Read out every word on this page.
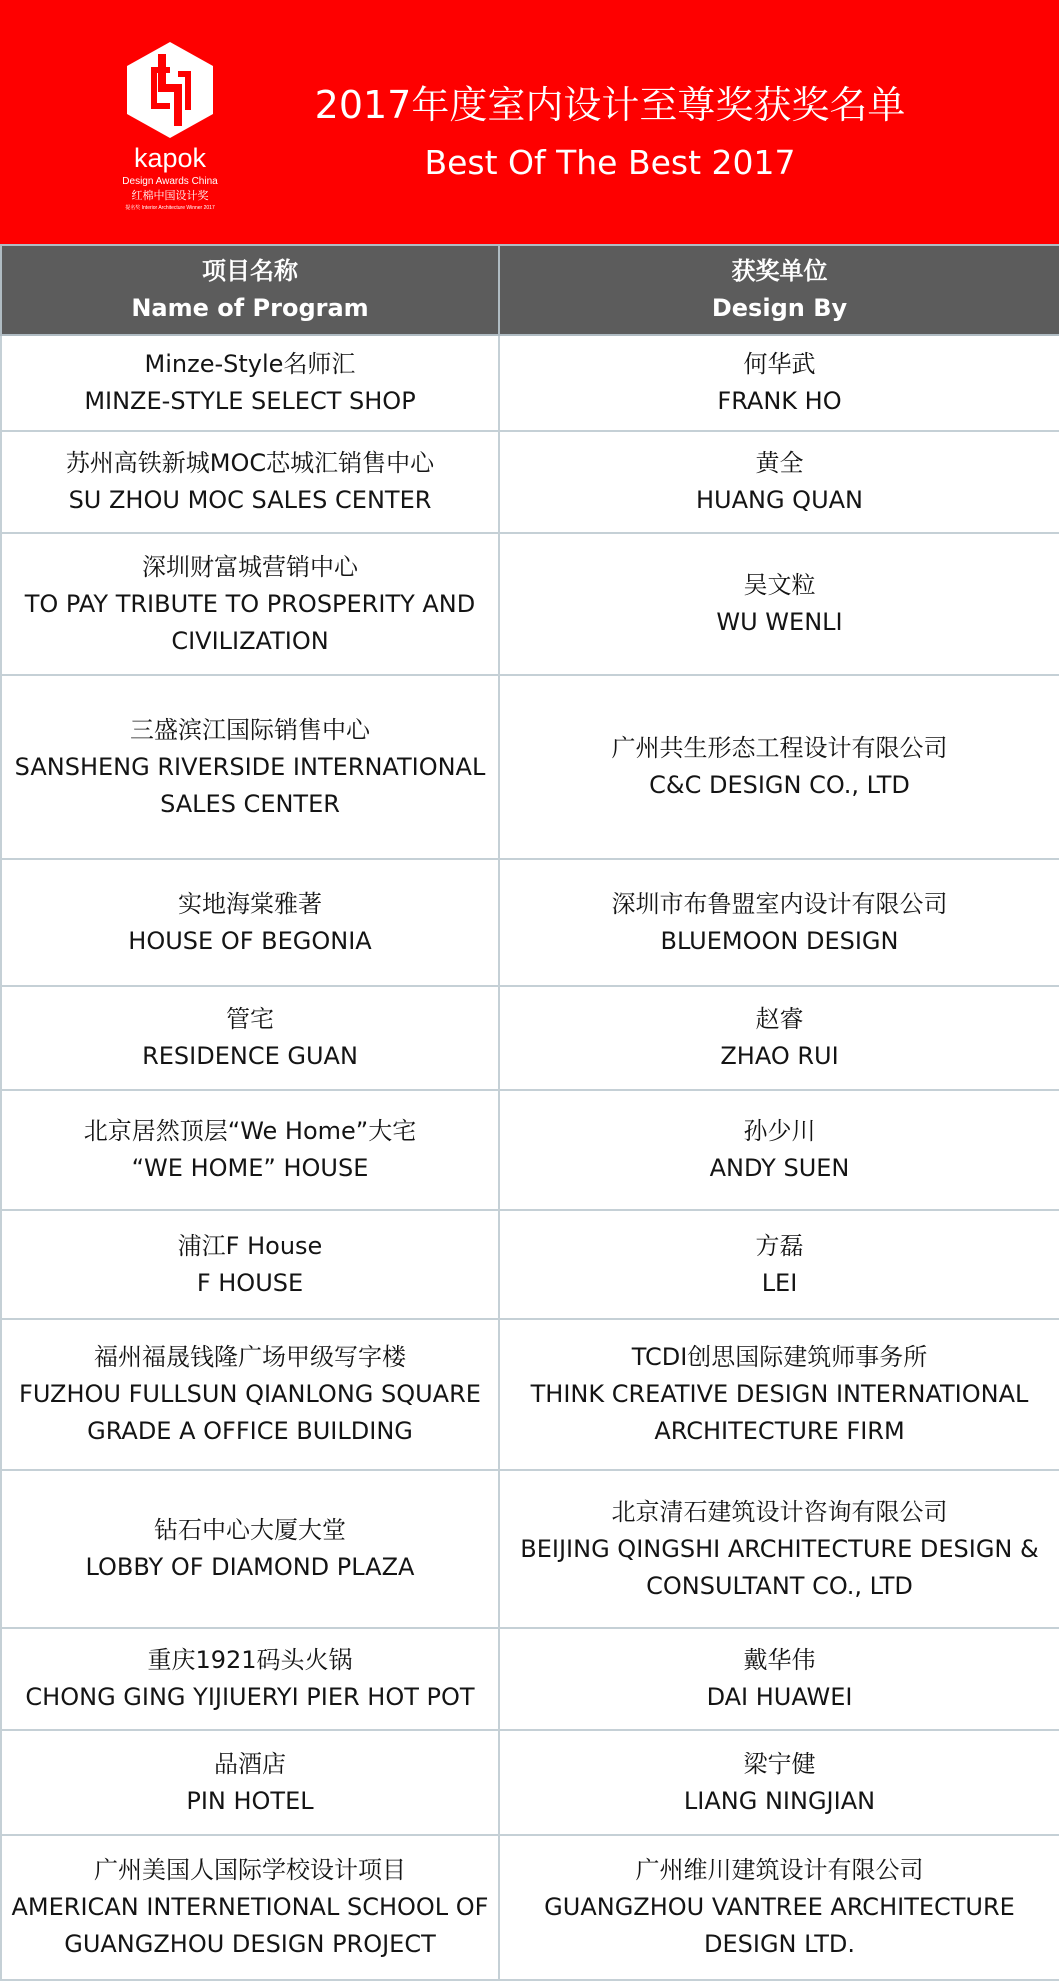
kapok
Design Awards China
红棉中国设计奖
提名奖 Interior Architecture Winner 2017
2017年度室内设计至尊奖获奖名单
Best Of The Best 2017
项目名称
Name of Program	获奖单位
Design By

Minze-Style名师汇
MINZE-STYLE SELECT SHOP	何华武
FRANK HO

苏州高铁新城MOC芯城汇销售中心
SU ZHOU MOC SALES CENTER	黄全
HUANG QUAN

深圳财富城营销中心
TO PAY TRIBUTE TO PROSPERITY AND CIVILIZATION	吴文粒
WU WENLI

三盛滨江国际销售中心
SANSHENG RIVERSIDE INTERNATIONAL SALES CENTER	广州共生形态工程设计有限公司
C&C DESIGN CO., LTD

实地海棠雅著
HOUSE OF BEGONIA	深圳市布鲁盟室内设计有限公司
BLUEMOON DESIGN

管宅
RESIDENCE GUAN	赵睿
ZHAO RUI

北京居然顶层“We Home”大宅
“WE HOME” HOUSE	孙少川
ANDY SUEN

浦江F House
F HOUSE	方磊
LEI

福州福晟钱隆广场甲级写字楼
FUZHOU FULLSUN QIANLONG SQUARE GRADE A OFFICE BUILDING	TCDI创思国际建筑师事务所
THINK CREATIVE DESIGN INTERNATIONAL ARCHITECTURE FIRM

钻石中心大厦大堂
LOBBY OF DIAMOND PLAZA	北京清石建筑设计咨询有限公司
BEIJING QINGSHI ARCHITECTURE DESIGN & CONSULTANT CO., LTD

重庆1921码头火锅
CHONG GING YIJIUERYI PIER HOT POT	戴华伟
DAI HUAWEI

品酒店
PIN HOTEL	梁宁健
LIANG NINGJIAN

广州美国人国际学校设计项目
AMERICAN INTERNETIONAL SCHOOL OF GUANGZHOU DESIGN PROJECT	广州维川建筑设计有限公司
GUANGZHOU VANTREE ARCHITECTURE DESIGN LTD.
